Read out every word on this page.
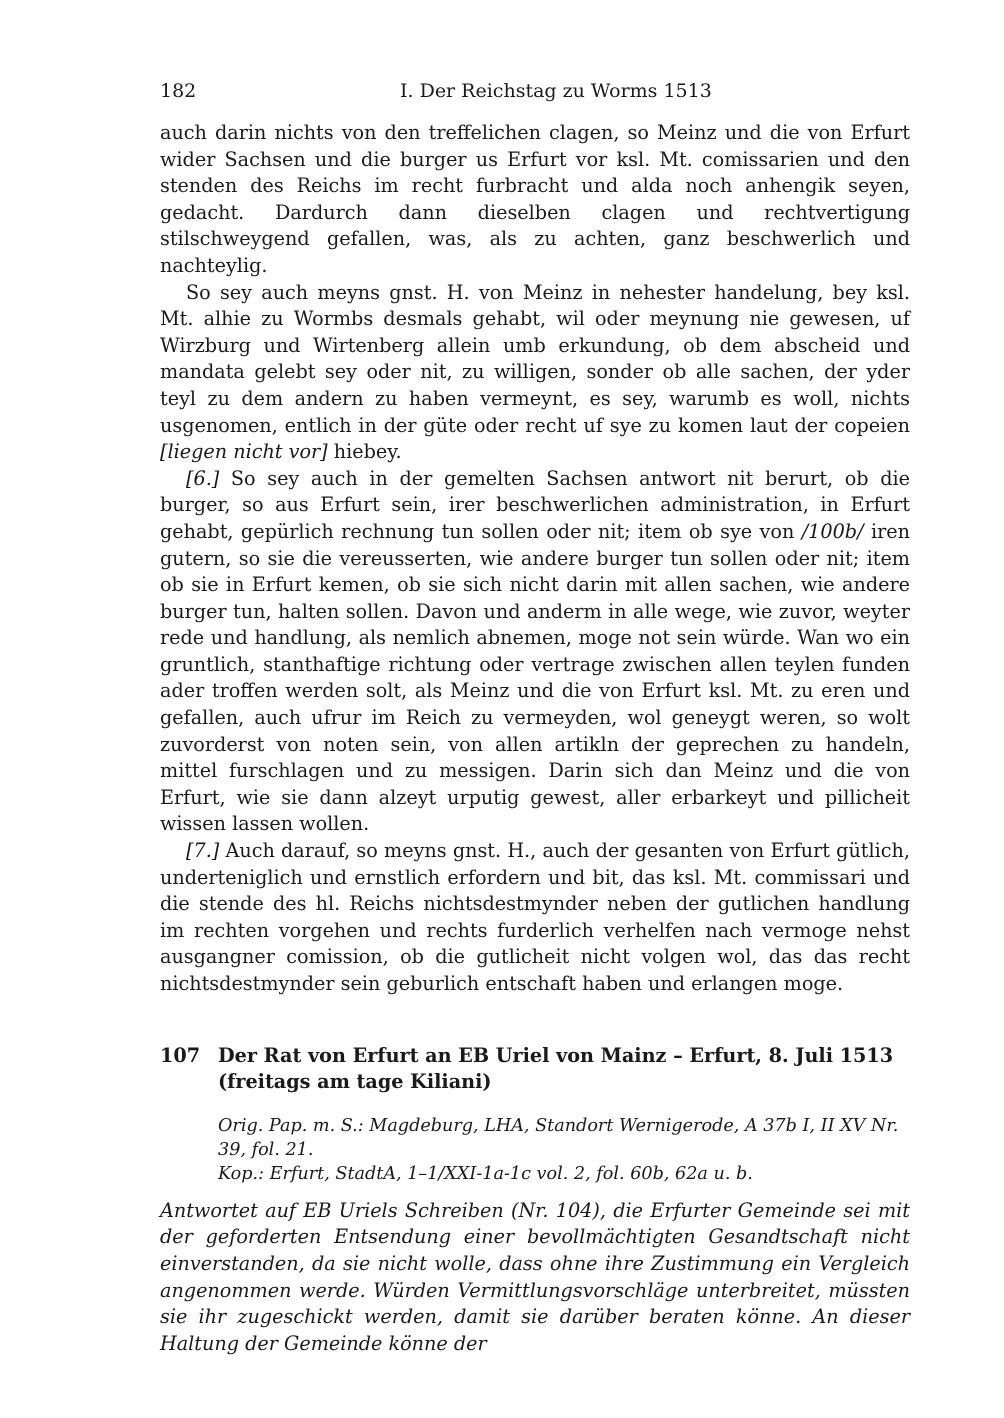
182	I. Der Reichstag zu Worms 1513

auch darin nichts von den treffelichen clagen, so Meinz und die von Erfurt wider Sachsen und die burger us Erfurt vor ksl. Mt. comissarien und den stenden des Reichs im recht furbracht und alda noch anhengik seyen, gedacht. Dardurch dann dieselben clagen und rechtvertigung stilschweygend gefallen, was, als zu achten, ganz beschwerlich und nachteylig.

So sey auch meyns gnst. H. von Meinz in nehester handelung, bey ksl. Mt. alhie zu Wormbs desmals gehabt, wil oder meynung nie gewesen, uf Wirzburg und Wirtenberg allein umb erkundung, ob dem abscheid und mandata gelebt sey oder nit, zu willigen, sonder ob alle sachen, der yder teyl zu dem andern zu haben vermeynt, es sey, warumb es woll, nichts usgenomen, entlich in der güte oder recht uf sye zu komen laut der copeien [liegen nicht vor] hiebey.

[6.] So sey auch in der gemelten Sachsen antwort nit berurt, ob die burger, so aus Erfurt sein, irer beschwerlichen administration, in Erfurt gehabt, gepürlich rechnung tun sollen oder nit; item ob sye von /100b/ iren gutern, so sie die vereusserten, wie andere burger tun sollen oder nit; item ob sie in Erfurt kemen, ob sie sich nicht darin mit allen sachen, wie andere burger tun, halten sollen. Davon und anderm in alle wege, wie zuvor, weyter rede und handlung, als nemlich abnemen, moge not sein würde. Wan wo ein gruntlich, stanthaftige richtung oder vertrage zwischen allen teylen funden ader troffen werden solt, als Meinz und die von Erfurt ksl. Mt. zu eren und gefallen, auch ufrur im Reich zu vermeyden, wol geneygt weren, so wolt zuvorderst von noten sein, von allen artikln der geprechen zu handeln, mittel furschlagen und zu messigen. Darin sich dan Meinz und die von Erfurt, wie sie dann alzeyt urputig gewest, aller erbarkeyt und pillicheit wissen lassen wollen.

[7.] Auch darauf, so meyns gnst. H., auch der gesanten von Erfurt gütlich, underteniglich und ernstlich erfordern und bit, das ksl. Mt. commissari und die stende des hl. Reichs nichtsdestmynder neben der gutlichen handlung im rechten vorgehen und rechts furderlich verhelfen nach vermoge nehst ausgangner comission, ob die gutlicheit nicht volgen wol, das das recht nichtsdestmynder sein geburlich entschaft haben und erlangen moge.

107 Der Rat von Erfurt an EB Uriel von Mainz – Erfurt, 8. Juli 1513 (freitags am tage Kiliani)

Orig. Pap. m. S.: Magdeburg, LHA, Standort Wernigerode, A 37b I, II XV Nr. 39, fol. 21.

Kop.: Erfurt, StadtA, 1–1/XXI-1a-1c vol. 2, fol. 60b, 62a u. b.

Antwortet auf EB Uriels Schreiben (Nr. 104), die Erfurter Gemeinde sei mit der geforderten Entsendung einer bevollmächtigten Gesandtschaft nicht einverstanden, da sie nicht wolle, dass ohne ihre Zustimmung ein Vergleich angenommen werde. Würden Vermittlungsvorschläge unterbreitet, müssten sie ihr zugeschickt werden, damit sie darüber beraten könne. An dieser Haltung der Gemeinde könne der
